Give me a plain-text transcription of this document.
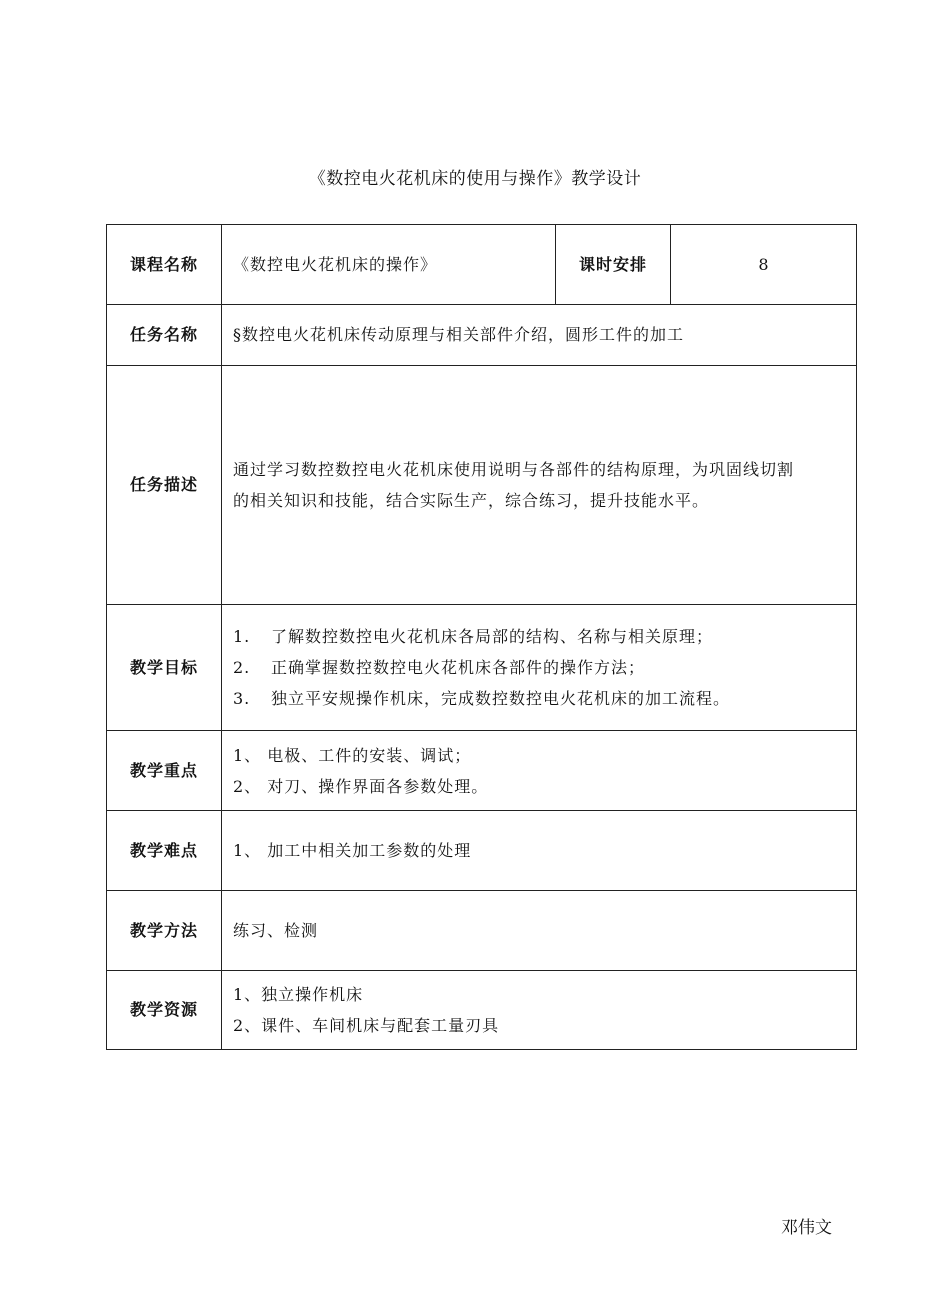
《数控电火花机床的使用与操作》教学设计
课程名称	《数控电火花机床的操作》	课时安排	8
任务名称	§数控电火花机床传动原理与相关部件介绍，圆形工件的加工		
任务描述	通过学习数控数控电火花机床使用说明与各部件的结构原理，为巩固线切割
的相关知识和技能，结合实际生产，综合练习，提升技能水平。		

教学目标	1. 了解数控数控电火花机床各局部的结构、名称与相关原理；
2. 正确掌握数控数控电火花机床各部件的操作方法；
3. 独立平安规操作机床，完成数控数控电火花机床的加工流程。		

教学重点	1、 电极、工件的安装、调试；
2、 对刀、操作界面各参数处理。		

教学难点	1、 加工中相关加工参数的处理		

教学方法	练习、检测		
教学资源	1、独立操作机床
2、课件、车间机床与配套工量刃具		
邓伟文
